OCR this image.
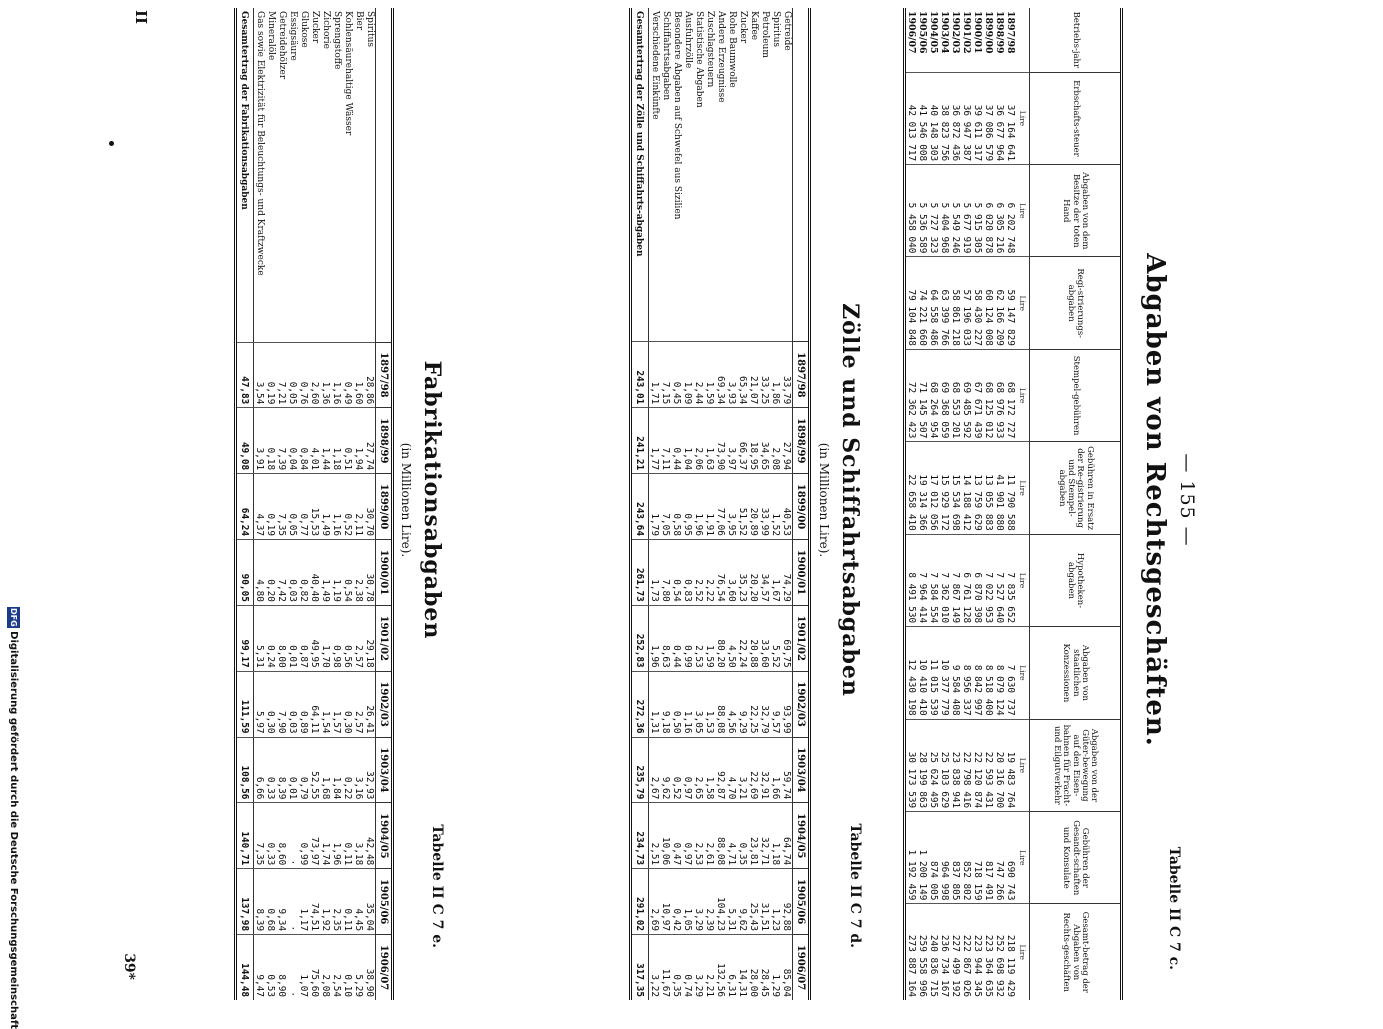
DFG Digitalisierung gefördert durch die Deutsche Forschungsgemeinschaft
— 155 —
Tabelle II C 7 c.
Abgaben von Rechtsgeschäften.
Betriebs-jahr	Erbschafts-steuer	Abgaben von dem Besitze der toten Hand	Regi-strierungs-abgaben	Stempel-gebühren	Gebühren in Ersatz der Re-gistrierung und Stempel-abgaben	Hypotheken-abgaben	Abgaben von staatlichen Konzessionen	Abgaben von der Güter-bewegung auf den Eisen-bahnen für Fracht- und Eilgutverkehr	Gebühren der Gesandt-schaften und Konsulate	Gesamt-betrag der Abgaben von Rechts-geschäften
	Lire	Lire	Lire	Lire	Lire	Lire	Lire	Lire	Lire	Lire
1897/98	37 164 641	6 202 748	59 147 829	68 172 727	11 790 588	7 835 652	7 630 737	19 483 764	690 743	218 119 429
1898/99	36 677 964	6 305 216	62 166 209	68 976 933	41 901 880	7 527 640	8 079 124	20 316 700	747 266	252 698 932
1899/00	37 086 579	6 020 878	60 124 008	68 125 012	13 055 883	7 022 953	8 518 400	22 593 431	817 491	223 364 635
1900/01	39 611 317	5 915 305	58 430 227	67 671 439	13 759 629	6 870 398	8 842 997	22 120 874	718 159	223 944 345
1901/02	36 947 387	5 677 919	57 196 033	69 485 592	14 188 412	6 761 128	8 956 337	22 798 416	852 802	222 867 026
1902/03	36 872 436	5 549 246	58 861 218	68 553 201	15 534 698	7 867 149	9 584 408	23 838 941	837 805	227 499 192
1903/04	38 823 756	5 404 968	63 399 766	69 368 059	15 929 172	7 362 010	10 377 779	25 103 629	964 998	236 734 167
1904/05	40 148 303	5 727 323	64 558 486	68 264 954	17 012 056	7 584 554	11 015 539	25 624 495	874 005	240 836 715
1905/06	41 546 008	5 536 589	74 221 660	71 145 507	19 314 366	7 964 414	10 410 410	28 199 863	1 200 149	259 558 996
1906/07	42 013 717	5 458 040	79 104 848	72 362 423	22 658 410	8 491 530	12 430 198	30 173 539	1 192 459	273 887 164
Tabelle II C 7 d.
Zölle und Schiffahrtsabgaben
(in Millionen Lire).
	1897/98	1898/99	1899/00	1900/01	1901/02	1902/03	1903/04	1904/05	1905/06	1906/07
Getreide	33,79	27,94	40,53	74,29	69,75	93,99	59,74	64,74	92,88	85,04
Spiritus	1,86	2,08	1,52	1,67	5,52	9,57	1,66	1,18	1,23	1,29
Petroleum	33,25	34,65	33,99	34,57	33,60	32,79	32,91	32,71	31,51	28,45
Kaffee	21,07	18,95	20,89	20,20	20,88	22,25	22,69	23,81	25,43	28,00
Zucker	65,34	66,37	51,52	35,23	22,24	9,29	3,21	0,35	9,62	14,31
Rohe Baumwolle	3,93	3,97	3,95	3,60	4,50	4,56	4,70	4,71	5,31	6,31
Andere Erzeugnisse	69,34	73,90	77,06	76,54	80,20	88,08	92,87	88,08	104,23	132,56
Zuschlagsteuern	1,59	1,63	1,91	2,22	1,59	1,53	1,58	2,61	2,39	2,21
Statistische Abgaben	2,44	2,06	1,96	2,52	2,53	3,05	2,65	2,53	3,29	3,29
Ausfuhrzölle	1,09	1,04	0,95	0,83	0,99	1,16	0,97	0,97	1,05	0,74
Besondere Abgaben auf Schwefel aus Sizilien	0,45	0,44	0,58	0,54	0,44	0,50	0,52	0,47	0,42	0,35
Schiffahrtsabgaben	7,15	7,11	7,05	7,80	8,63	9,18	9,62	10,06	10,97	11,67
Verschiedene Einkünfte	1,71	1,77	1,79	1,73	1,96	1,31	2,67	2,51	2,69	3,22
Gesamtertrag der Zölle und Schiffahrts-abgaben	243,01	241,21	243,64	261,73	252,83	272,36	235,79	234,73	291,02	317,35
Tabelle II C 7 e.
Fabrikationsabgaben
(in Millionen Lire).
	1897/98	1898/99	1899/00	1900/01	1901/02	1902/03	1903/04	1904/05	1905/06	1906/07
Spiritus	28,86	27,74	30,70	30,78	29,18	26,41	32,93	42,48	35,04	38,90
Bier	1,60	1,94	2,11	2,38	2,57	2,57	3,16	3,18	4,45	5,29
Kohlensäurehaltige Wässer	0,49	0,51	0,52	0,54	0,56	0,30	0,22	0,11	0,11	0,10
Sprengstoffe	1,16	1,18	1,16	1,19	0,98	1,57	1,84	1,96	2,35	2,54
Zichorie	1,36	1,44	1,49	1,49	1,70	1,54	1,68	1,74	1,92	2,08
Zucker	2,60	4,01	15,53	40,40	49,95	64,11	52,55	73,97	74,51	75,60
Glukose	0,76	0,84	0,77	0,82	0,87	0,89	0,79	0,99	1,17	1,07
Essigsäure	0,05	0,04	0,05	0,03	0,01	0,03	0,01	·	·	·
Getreidehölzer	7,21	7,39	7,35	7,42	8,00	7,90	8,39	8,60	9,34	8,90
Mineralöle	0,19	0,18	0,19	0,20	0,24	0,30	0,33	0,33	0,68	0,53
Gas sowie Elektrizität für Beleuchtungs- und Kraftzwecke	3,54	3,91	4,37	4,80	5,31	5,97	6,66	7,35	8,39	9,47
Gesamtertrag der Fabrikationsabgaben	47,83	49,08	64,24	90,05	99,17	111,59	108,56	140,71	137,98	144,48
II
39*
